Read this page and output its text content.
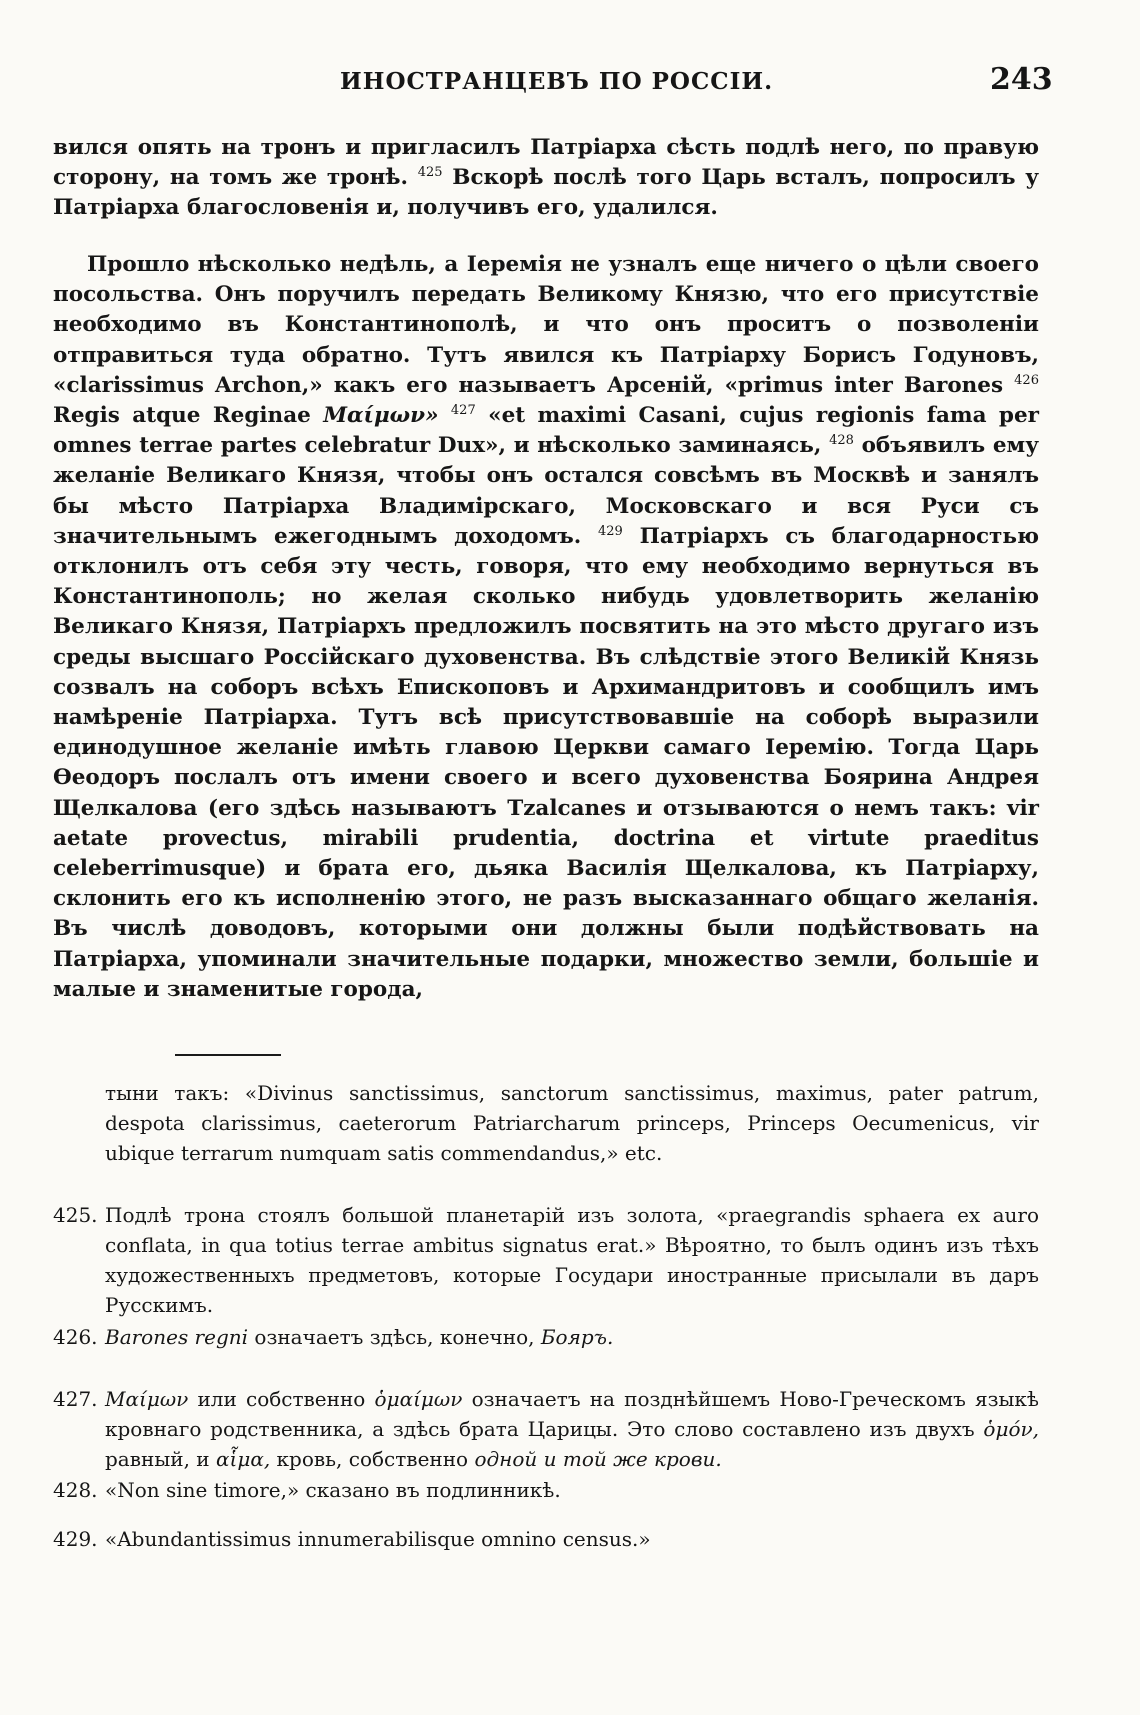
ИНОСТРАНЦЕВЪ ПО РОССІИ.	243

вился опять на тронъ и пригласилъ Патріарха сѣсть подлѣ него, по правую сторону, на томъ же тронѣ. $^{425}$ Вскорѣ послѣ того Царь всталъ, попросилъ у Патріарха благословенія и, получивъ его, удалился.

Прошло нѣсколько недѣль, а Іеремія не узналъ еще ничего о цѣли своего посольства. Онъ поручилъ передать Великому Князю, что его присутствіе необходимо въ Константинополѣ, и что онъ проситъ о позволеніи отправиться туда обратно. Тутъ явился къ Патріарху Борисъ Годуновъ, «clarissimus Archon,» какъ его называетъ Арсеній, «primus inter Barones $^{426}$ Regis atque Reginae Μαίμων» $^{427}$ «et maximi Casani, cujus regionis fama per omnes terrae partes celebratur Dux», и нѣсколько заминаясь, $^{428}$ объявилъ ему желаніе Великаго Князя, чтобы онъ остался совсѣмъ въ Москвѣ и занялъ бы мѣсто Патріарха Владимірскаго, Московскаго и вся Руси съ значительнымъ ежегоднымъ доходомъ. $^{429}$ Патріархъ съ благодарностью отклонилъ отъ себя эту честь, говоря, что ему необходимо вернуться въ Константинополь; но желая сколько нибудь удовлетворить желанію Великаго Князя, Патріархъ предложилъ посвятить на это мѣсто другаго изъ среды высшаго Россійскаго духовенства. Въ слѣдствіе этого Великій Князь созвалъ на соборъ всѣхъ Епископовъ и Архимандритовъ и сообщилъ имъ намѣреніе Патріарха. Тутъ всѣ присутствовавшіе на соборѣ выразили единодушное желаніе имѣть главою Церкви самаго Іеремію. Тогда Царь Ѳеодоръ послалъ отъ имени своего и всего духовенства Боярина Андрея Щелкалова (его здѣсь называютъ Tzalcanes и отзываются о немъ такъ: vir aetate provectus, mirabili prudentia, doctrina et virtute praeditus celeberrimusque) и брата его, дьяка Василія Щелкалова, къ Патріарху, склонить его къ исполненію этого, не разъ высказаннаго общаго желанія. Въ числѣ доводовъ, которыми они должны были подѣйствовать на Патріарха, упоминали значительные подарки, множество земли, большіе и малые и знаменитые города,

тыни такъ: «Divinus sanctissimus, sanctorum sanctissimus, maximus, pater patrum, despota clarissimus, caeterorum Patriarcharum princeps, Princeps Oecumenicus, vir ubique terrarum numquam satis commendandus,» etc.

425. Подлѣ трона стоялъ большой планетарій изъ золота, «praegrandis sphaera ex auro conflata, in qua totius terrae ambitus signatus erat.» Вѣроятно, то былъ одинъ изъ тѣхъ художественныхъ предметовъ, которые Государи иностранные присылали въ даръ Русскимъ.

426. Barones regni означаетъ здѣсь, конечно, Бояръ.

427. Μαίμων или собственно ὁμαίμων означаетъ на позднѣйшемъ Ново-Греческомъ языкѣ кровнаго родственника, а здѣсь брата Царицы. Это слово составлено изъ двухъ ὁμόν, равный, и αἷμα, кровь, собственно одной и той же крови.

428. «Non sine timore,» сказано въ подлинникѣ.

429. «Abundantissimus innumerabilisque omnino census.»
